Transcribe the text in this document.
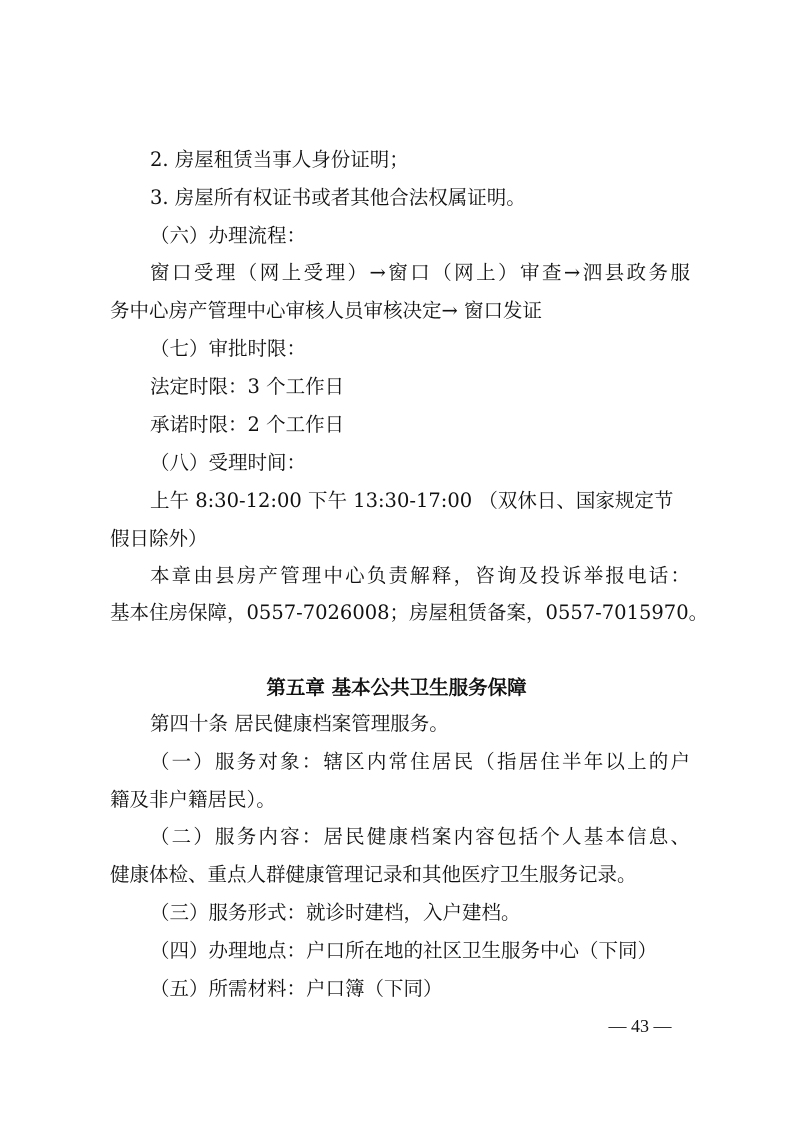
2. 房屋租赁当事人身份证明；
3. 房屋所有权证书或者其他合法权属证明。
（六）办理流程：
窗口受理（网上受理）→窗口（网上）审查→泗县政务服
务中心房产管理中心审核人员审核决定→ 窗口发证
（七）审批时限：
法定时限：3 个工作日
承诺时限：2 个工作日
（八）受理时间：
上午 8:30-12:00 下午 13:30-17:00 （双休日、国家规定节
假日除外）
本章由县房产管理中心负责解释，咨询及投诉举报电话：
基本住房保障，0557-7026008；房屋租赁备案，0557-7015970。
第五章 基本公共卫生服务保障
第四十条 居民健康档案管理服务。
（一）服务对象：辖区内常住居民（指居住半年以上的户
籍及非户籍居民）。
（二）服务内容：居民健康档案内容包括个人基本信息、
健康体检、重点人群健康管理记录和其他医疗卫生服务记录。
（三）服务形式：就诊时建档，入户建档。
（四）办理地点：户口所在地的社区卫生服务中心（下同）
（五）所需材料：户口簿（下同）
— 43 —
